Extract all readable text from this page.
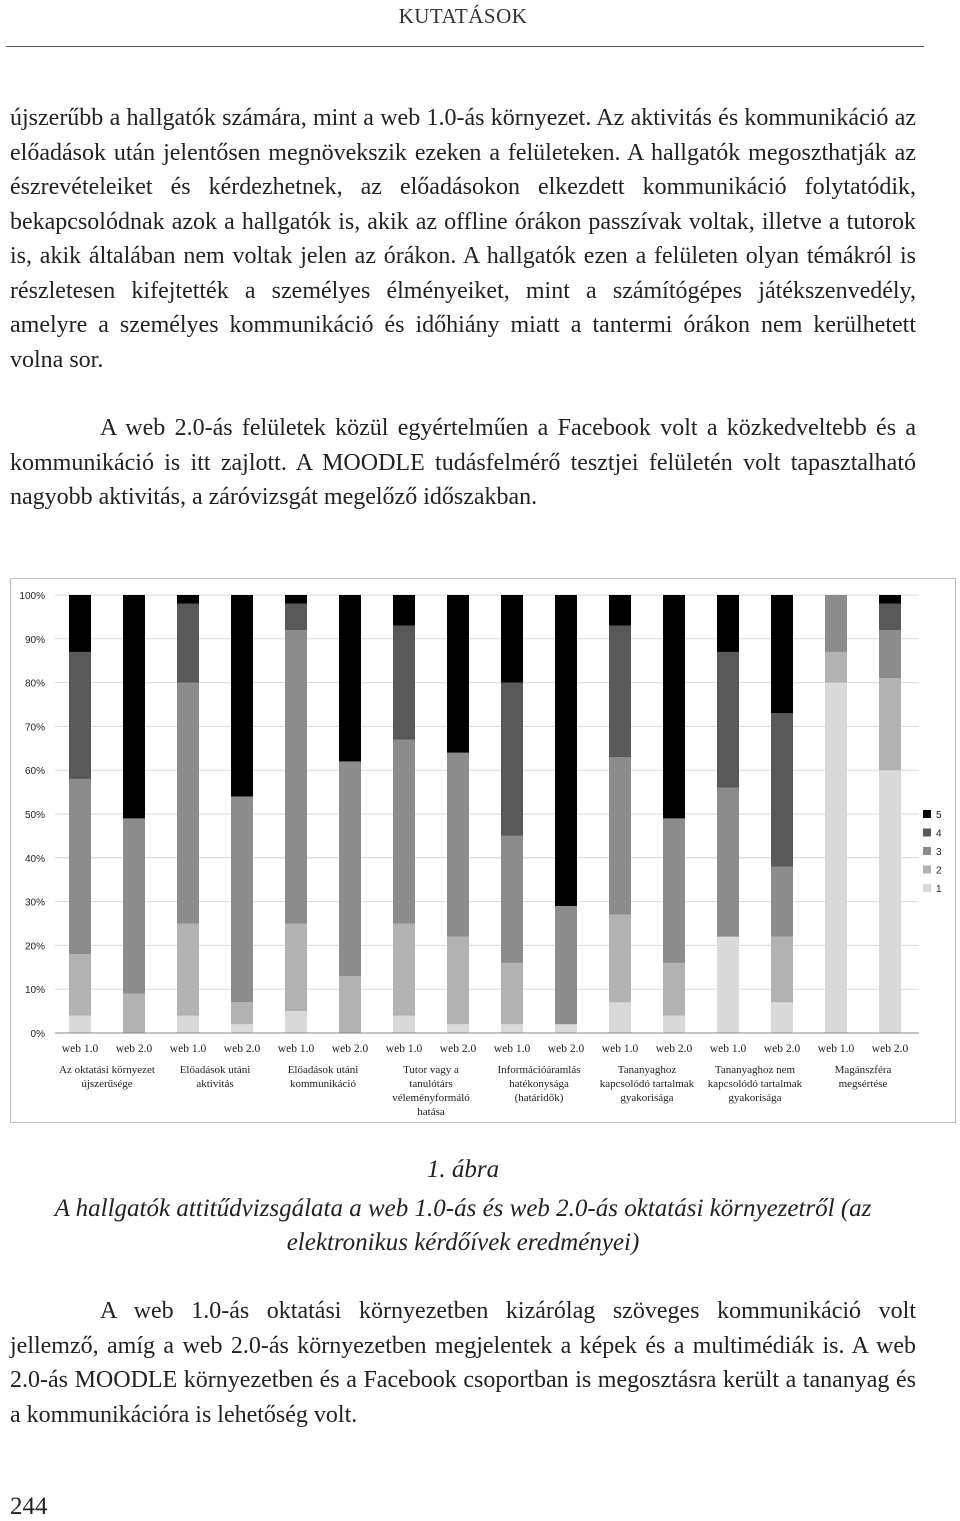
KUTATÁSOK

újszerűbb a hallgatók számára, mint a web 1.0-ás környezet. Az aktivitás és kommunikáció az előadások után jelentősen megnövekszik ezeken a felületeken. A hallgatók megoszthatják az észrevételeiket és kérdezhetnek, az előadásokon elkezdett kommunikáció folytatódik, bekapcsolódnak azok a hallgatók is, akik az offline órákon passzívak voltak, illetve a tutorok is, akik általában nem voltak jelen az órákon. A hallgatók ezen a felületen olyan témákról is részletesen kifejtették a személyes élményeiket, mint a számítógépes játékszenvedély, amelyre a személyes kommunikáció és időhiány miatt a tantermi órákon nem kerülhetett volna sor.

A web 2.0-ás felületek közül egyértelműen a Facebook volt a közkedveltebb és a kommunikáció is itt zajlott. A MOODLE tudásfelmérő tesztjei felületén volt tapasztalható nagyobb aktivitás, a záróvizsgát megelőző időszakban.

0%
10%
20%
30%
40%
50%
60%
70%
80%
90%
100%
web 1.0 web 2.0 web 1.0 web 2.0 web 1.0 web 2.0 web 1.0 web 2.0 web 1.0 web 2.0 web 1.0 web 2.0 web 1.0 web 2.0 web 1.0 web 2.0
Az oktatási környezet
újszerűsége
Előadások utáni
aktivitás
Előadások utáni
kommunikáció
Tutor vagy a
tanulótárs
véleményformáló
hatása
Információáramlás
hatékonysága
(határidők)
Tananyaghoz
kapcsolódó tartalmak
gyakorisága
Tananyaghoz nem
kapcsolódó tartalmak
gyakorisága
Magánszféra
megsértése
5
4
3
2
1
1. ábra

A hallgatók attitűdvizsgálata a web 1.0-ás és web 2.0-ás oktatási környezetről (az
elektronikus kérdőívek eredményei)

A web 1.0-ás oktatási környezetben kizárólag szöveges kommunikáció volt jellemző, amíg a web 2.0-ás környezetben megjelentek a képek és a multimédiák is. A web 2.0-ás MOODLE környezetben és a Facebook csoportban is megosztásra került a tananyag és a kommunikációra is lehetőség volt.

244
